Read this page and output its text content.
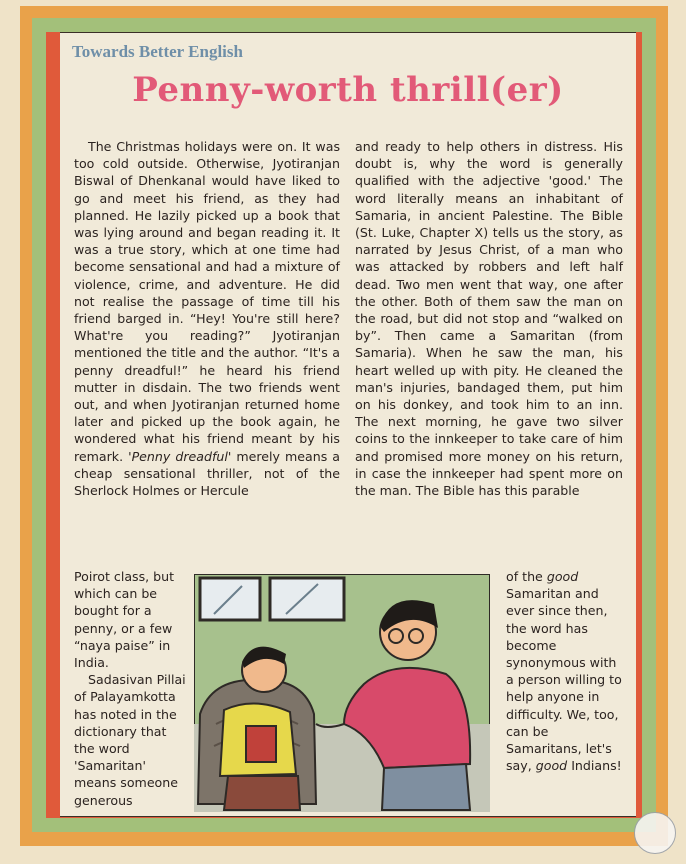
Towards Better English
Penny-worth thrill(er)

The Christmas holidays were on. It was too cold outside. Otherwise, Jyotiranjan Biswal of Dhenkanal would have liked to go and meet his friend, as they had planned. He lazily picked up a book that was lying around and began reading it. It was a true story, which at one time had become sensational and had a mixture of violence, crime, and adventure. He did not realise the passage of time till his friend barged in. “Hey! You're still here? What're you reading?” Jyotiranjan mentioned the title and the author. “It's a penny dreadful!” he heard his friend mutter in disdain. The two friends went out, and when Jyotiranjan returned home later and picked up the book again, he wondered what his friend meant by his remark. 'Penny dreadful' merely means a cheap sensational thriller, not of the Sherlock Holmes or Hercule

and ready to help others in distress. His doubt is, why the word is generally qualified with the adjective 'good.' The word literally means an inhabitant of Samaria, in ancient Palestine. The Bible (St. Luke, Chapter X) tells us the story, as narrated by Jesus Christ, of a man who was attacked by robbers and left half dead. Two men went that way, one after the other. Both of them saw the man on the road, but did not stop and “walked on by”. Then came a Samaritan (from Samaria). When he saw the man, his heart welled up with pity. He cleaned the man's injuries, bandaged them, put him on his donkey, and took him to an inn. The next morning, he gave two silver coins to the innkeeper to take care of him and promised more money on his return, in case the innkeeper had spent more on the man. The Bible has this parable

Poirot class, but which can be bought for a penny, or a few “naya paise” in India.

Sadasivan Pillai of Palayamkotta has noted in the dictionary that the word 'Samaritan' means someone generous

of the good Samaritan and ever since then, the word has become synonymous with a person willing to help anyone in difficulty. We, too, can be Samaritans, let's say, good Indians!
